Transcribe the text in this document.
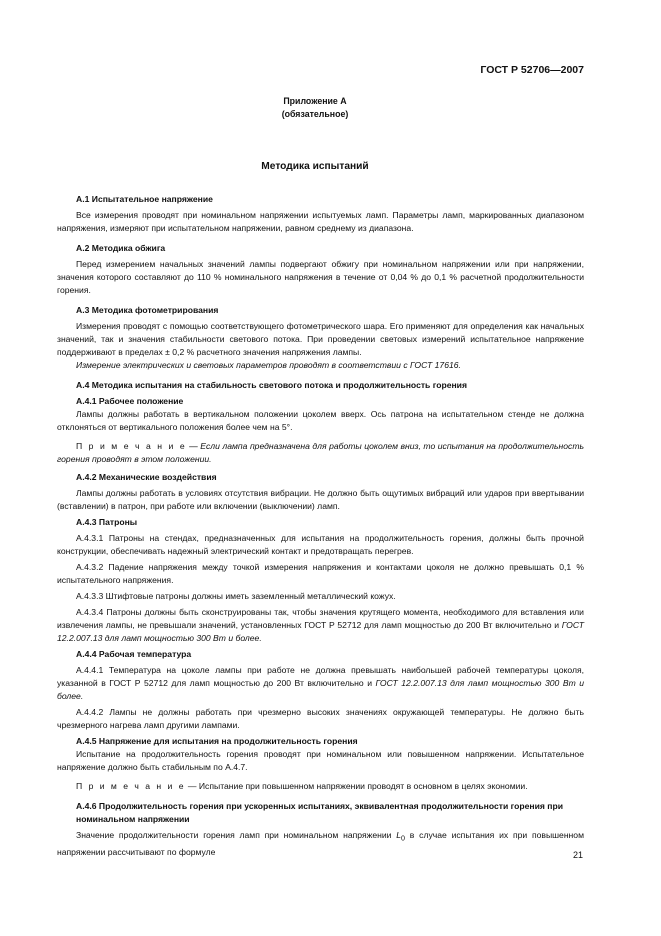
ГОСТ Р 52706—2007
Приложение А
(обязательное)
Методика испытаний

А.1 Испытательное напряжение

Все измерения проводят при номинальном напряжении испытуемых ламп. Параметры ламп, маркированных диапазоном напряжения, измеряют при испытательном напряжении, равном среднему из диапазона.

А.2 Методика обжига

Перед измерением начальных значений лампы подвергают обжигу при номинальном напряжении или при напряжении, значения которого составляют до 110 % номинального напряжения в течение от 0,04 % до 0,1 % расчетной продолжительности горения.

А.3 Методика фотометрирования

Измерения проводят с помощью соответствующего фотометрического шара. Его применяют для определения как начальных значений, так и значения стабильности светового потока. При проведении световых измерений испытательное напряжение поддерживают в пределах ± 0,2 % расчетного значения напряжения лампы.

Измерение электрических и световых параметров проводят в соответствии с ГОСТ 17616.

А.4 Методика испытания на стабильность светового потока и продолжительность горения

А.4.1 Рабочее положение

Лампы должны работать в вертикальном положении цоколем вверх. Ось патрона на испытательном стенде не должна отклоняться от вертикального положения более чем на 5°.

П р и м е ч а н и е — Если лампа предназначена для работы цоколем вниз, то испытания на продолжительность горения проводят в этом положении.

А.4.2 Механические воздействия

Лампы должны работать в условиях отсутствия вибрации. Не должно быть ощутимых вибраций или ударов при ввертывании (вставлении) в патрон, при работе или включении (выключении) ламп.

А.4.3 Патроны

А.4.3.1 Патроны на стендах, предназначенных для испытания на продолжительность горения, должны быть прочной конструкции, обеспечивать надежный электрический контакт и предотвращать перегрев.

А.4.3.2 Падение напряжения между точкой измерения напряжения и контактами цоколя не должно превышать 0,1 % испытательного напряжения.

А.4.3.3 Штифтовые патроны должны иметь заземленный металлический кожух.

А.4.3.4 Патроны должны быть сконструированы так, чтобы значения крутящего момента, необходимого для вставления или извлечения лампы, не превышали значений, установленных ГОСТ Р 52712 для ламп мощностью до 200 Вт включительно и ГОСТ 12.2.007.13 для ламп мощностью 300 Вт и более.

А.4.4 Рабочая температура

А.4.4.1 Температура на цоколе лампы при работе не должна превышать наибольшей рабочей температуры цоколя, указанной в ГОСТ Р 52712 для ламп мощностью до 200 Вт включительно и ГОСТ 12.2.007.13 для ламп мощностью 300 Вт и более.

А.4.4.2 Лампы не должны работать при чрезмерно высоких значениях окружающей температуры. Не должно быть чрезмерного нагрева ламп другими лампами.

А.4.5 Напряжение для испытания на продолжительность горения

Испытание на продолжительность горения проводят при номинальном или повышенном напряжении. Испытательное напряжение должно быть стабильным по А.4.7.

П р и м е ч а н и е — Испытание при повышенном напряжении проводят в основном в целях экономии.

А.4.6 Продолжительность горения при ускоренных испытаниях, эквивалентная продолжительности горения при номинальном напряжении

Значение продолжительности горения ламп при номинальном напряжении $L_0$ в случае испытания их при повышенном напряжении рассчитывают по формуле	21
